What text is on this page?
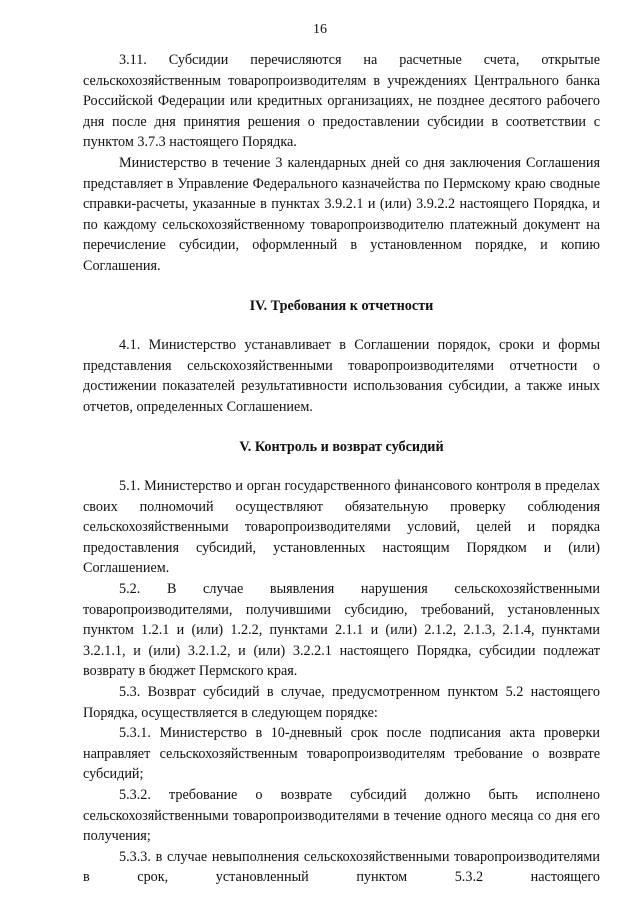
16

3.11. Субсидии перечисляются на расчетные счета, открытые сельскохозяйственным товаропроизводителям в учреждениях Центрального банка Российской Федерации или кредитных организациях, не позднее десятого рабочего дня после дня принятия решения о предоставлении субсидии в соответствии с пунктом 3.7.3 настоящего Порядка.

Министерство в течение 3 календарных дней со дня заключения Соглашения представляет в Управление Федерального казначейства по Пермскому краю сводные справки-расчеты, указанные в пунктах 3.9.2.1 и (или) 3.9.2.2 настоящего Порядка, и по каждому сельскохозяйственному товаропроизводителю платежный документ на перечисление субсидии, оформленный в установленном порядке, и копию Соглашения.

IV. Требования к отчетности

4.1. Министерство устанавливает в Соглашении порядок, сроки и формы представления сельскохозяйственными товаропроизводителями отчетности о достижении показателей результативности использования субсидии, а также иных отчетов, определенных Соглашением.

V. Контроль и возврат субсидий

5.1. Министерство и орган государственного финансового контроля в пределах своих полномочий осуществляют обязательную проверку соблюдения сельскохозяйственными товаропроизводителями условий, целей и порядка предоставления субсидий, установленных настоящим Порядком и (или) Соглашением.

5.2. В случае выявления нарушения сельскохозяйственными товаропроизводителями, получившими субсидию, требований, установленных пунктом 1.2.1 и (или) 1.2.2, пунктами 2.1.1 и (или) 2.1.2, 2.1.3, 2.1.4, пунктами 3.2.1.1, и (или) 3.2.1.2, и (или) 3.2.2.1 настоящего Порядка, субсидии подлежат возврату в бюджет Пермского края.

5.3. Возврат субсидий в случае, предусмотренном пунктом 5.2 настоящего Порядка, осуществляется в следующем порядке:

5.3.1. Министерство в 10-дневный срок после подписания акта проверки направляет сельскохозяйственным товаропроизводителям требование о возврате субсидий;

5.3.2. требование о возврате субсидий должно быть исполнено сельскохозяйственными товаропроизводителями в течение одного месяца со дня его получения;

5.3.3. в случае невыполнения сельскохозяйственными товаропроизводителями в срок, установленный пунктом 5.3.2 настоящего
